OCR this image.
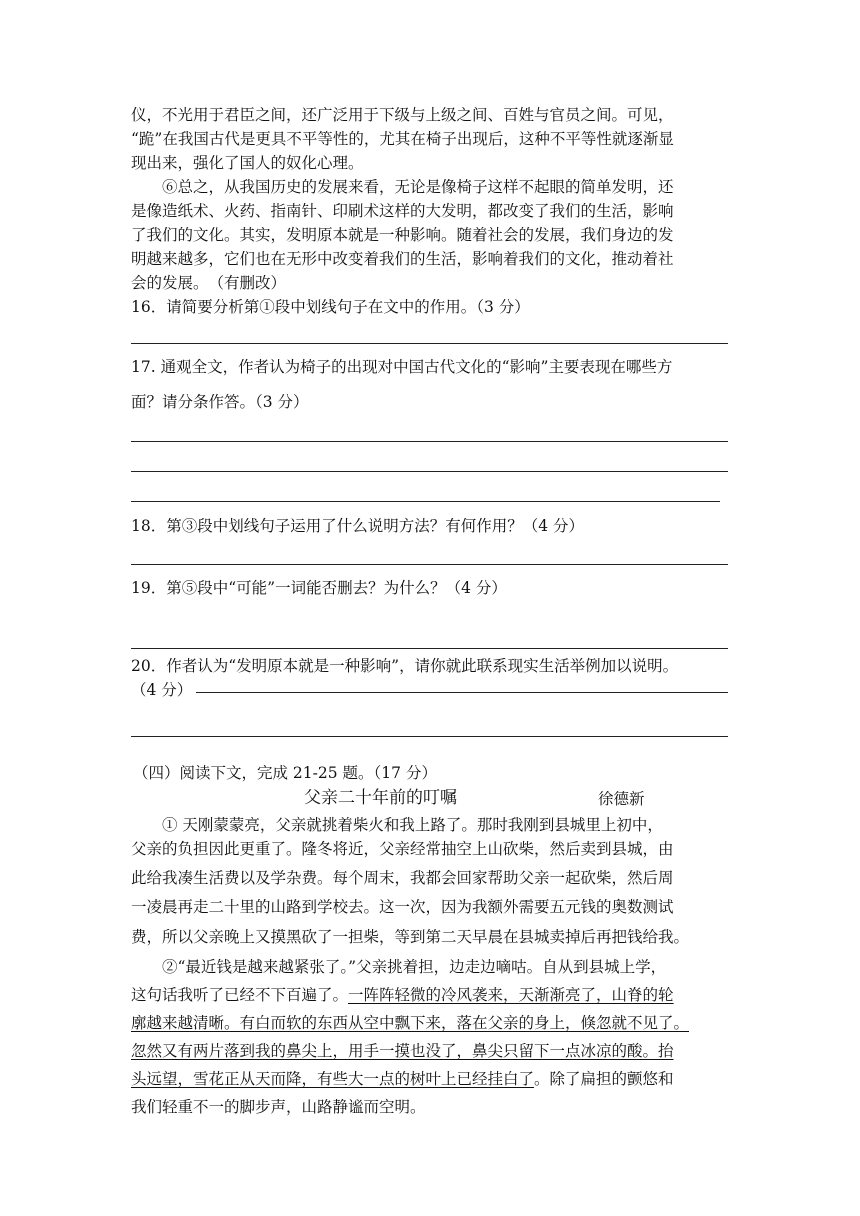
仪，不光用于君臣之间，还广泛用于下级与上级之间、百姓与官员之间。可见，
“跪”在我国古代是更具不平等性的，尤其在椅子出现后，这种不平等性就逐渐显
现出来，强化了国人的奴化心理。
⑥总之，从我国历史的发展来看，无论是像椅子这样不起眼的简单发明，还
是像造纸术、火药、指南针、印刷术这样的大发明，都改变了我们的生活，影响
了我们的文化。其实，发明原本就是一种影响。随着社会的发展，我们身边的发
明越来越多，它们也在无形中改变着我们的生活，影响着我们的文化，推动着社
会的发展。　（有删改）
16．请简要分析第①段中划线句子在文中的作用。（3 分）
17. 通观全文，作者认为椅子的出现对中国古代文化的“影响”主要表现在哪些方
面？请分条作答。（3 分）
18．第③段中划线句子运用了什么说明方法？有何作用？（4 分）
19．第⑤段中“可能”一词能否删去？为什么？（4 分）
20．作者认为“发明原本就是一种影响”，请你就此联系现实生活举例加以说明。
（4 分）
（四）阅读下文，完成 21-25 题。（17 分）
父亲二十年前的叮嘱	徐德新
① 天刚蒙蒙亮，父亲就挑着柴火和我上路了。那时我刚到县城里上初中，
父亲的负担因此更重了。隆冬将近，父亲经常抽空上山砍柴，然后卖到县城，由
此给我凑生活费以及学杂费。每个周末，我都会回家帮助父亲一起砍柴，然后周
一凌晨再走二十里的山路到学校去。这一次，因为我额外需要五元钱的奥数测试
费，所以父亲晚上又摸黑砍了一担柴，等到第二天早晨在县城卖掉后再把钱给我。
②“最近钱是越来越紧张了。”父亲挑着担，边走边嘀咕。自从到县城上学，
这句话我听了已经不下百遍了。一阵阵轻微的冷风袭来，天渐渐亮了，山脊的轮
廓越来越清晰。有白而软的东西从空中飘下来，落在父亲的身上，倏忽就不见了。
忽然又有两片落到我的鼻尖上，用手一摸也没了，鼻尖只留下一点冰凉的酸。抬
头远望，雪花正从天而降，有些大一点的树叶上已经挂白了。除了扁担的颤悠和
我们轻重不一的脚步声，山路静谧而空明。
